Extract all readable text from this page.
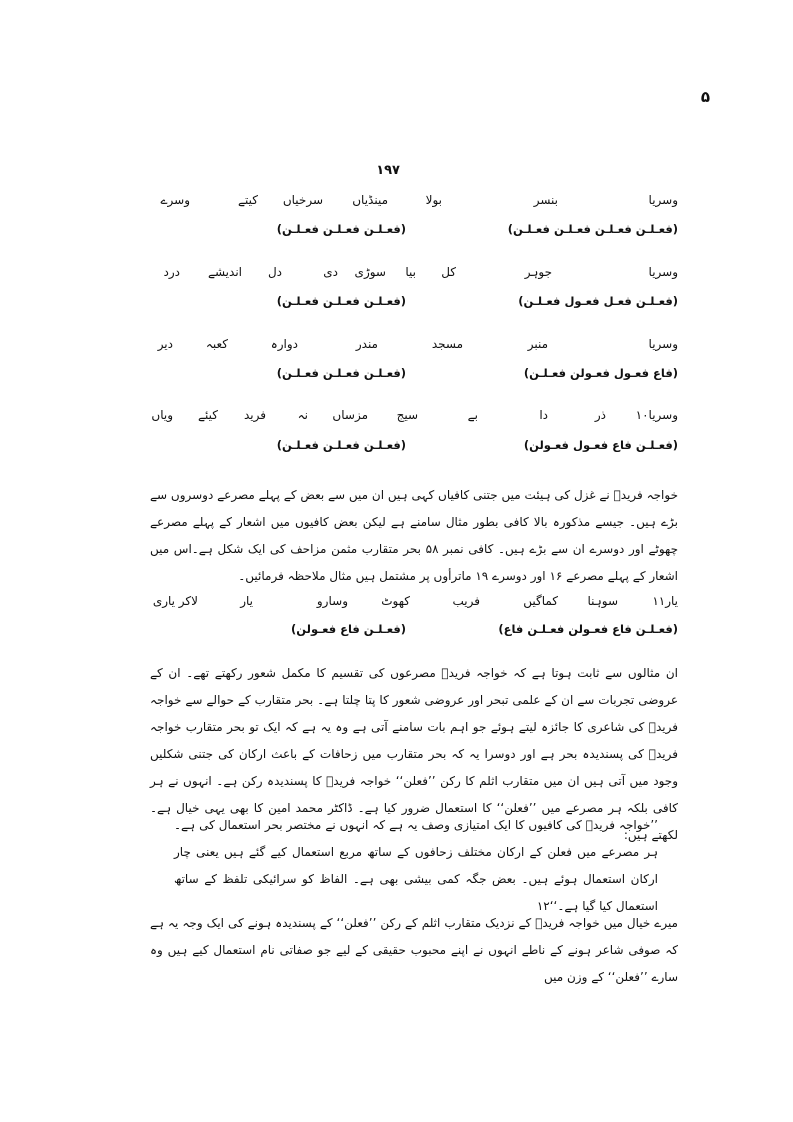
۵
۱۹۷
وسریا
بنسر
بولا
مینڈیاں
سرخیاں
کیتے
وسرے
(فعـلـن فعـلـن فعـلـن فعـلـن)
(فعـلـن فعـلـن فعـلـن)
وسریا
جوہر
کل
بیا
سوڑی
دی
دل
اندیشے
درد
(فعـلـن فعـل فعـول فعـلـن)
(فعـلـن فعـلـن فعـلـن)
وسریا
منبر
مسجد
مندر
دوارہ
کعبہ
دیر
(فاع فعـول فعـولن فعـلـن)
(فعـلـن فعـلـن فعـلـن)
وسریا۱۰
ذر
دا
بے
سیج
مزساں
نہ
فرید
کیئے
ویاں
(فعـلـن فاع فعـول فعـولن)
(فعـلـن فعـلـن فعـلـن)
خواجہ فریدؒ نے غزل کی ہیئت میں جتنی کافیاں کہی ہیں ان میں سے بعض کے پہلے مصرعے دوسروں سے بڑے ہیں۔ جیسے مذکورہ بالا کافی بطور مثال سامنے ہے لیکن بعض کافیوں میں اشعار کے پہلے مصرعے چھوٹے اور دوسرے ان سے بڑے ہیں۔ کافی نمبر ۵۸ بحر متقارب مثمن مزاحف کی ایک شکل ہے۔اس میں اشعار کے پہلے مصرعے ۱۶ اور دوسرے ۱۹ ماترأوں پر مشتمل ہیں مثال ملاحظہ فرمائیں۔
یار۱۱
سوہنا
کماگیں
فریب
کھوٹ
وسارو
یار
لاکر یاری
(فعـلـن فاع فعـولن فعـلـن فاع)
(فعـلـن فاع فعـولن)
ان مثالوں سے ثابت ہوتا ہے کہ خواجہ فریدؒ مصرعوں کی تقسیم کا مکمل شعور رکھتے تھے۔ ان کے عروضی تجربات سے ان کے علمی تبحر اور عروضی شعور کا پتا چلتا ہے۔ بحر متقارب کے حوالے سے خواجہ فریدؒ کی شاعری کا جائزہ لیتے ہوئے جو اہم بات سامنے آتی ہے وہ یہ ہے کہ ایک تو بحر متقارب خواجہ فریدؒ کی پسندیدہ بحر ہے اور دوسرا یہ کہ بحر متقارب میں زحافات کے باعث ارکان کی جتنی شکلیں وجود میں آتی ہیں ان میں متقارب اثلم کا رکن ’’فعلن‘‘ خواجہ فریدؒ کا پسندیدہ رکن ہے۔ انہوں نے ہر کافی بلکہ ہر مصرعے میں ’’فعلن‘‘ کا استعمال ضرور کیا ہے۔ ڈاکٹر محمد امین کا بھی یہی خیال ہے۔ لکھتے ہیں:
’’خواجہ فریدؒ کی کافیوں کا ایک امتیازی وصف یہ ہے کہ انہوں نے مختصر بحر استعمال کی ہے۔ ہر مصرعے میں فعلن کے ارکان مختلف زحافوں کے ساتھ مربع استعمال کیے گئے ہیں یعنی چار ارکان استعمال ہوئے ہیں۔ بعض جگہ کمی بیشی بھی ہے۔ الفاظ کو سرائیکی تلفظ کے ساتھ استعمال کیا گیا ہے۔‘‘۱۲
میرے خیال میں خواجہ فریدؒ کے نزدیک متقارب اثلم کے رکن ’’فعلن‘‘ کے پسندیدہ ہونے کی ایک وجہ یہ ہے کہ صوفی شاعر ہونے کے ناطے انہوں نے اپنے محبوب حقیقی کے لیے جو صفاتی نام استعمال کیے ہیں وہ سارے ’’فعلن‘‘ کے وزن میں
